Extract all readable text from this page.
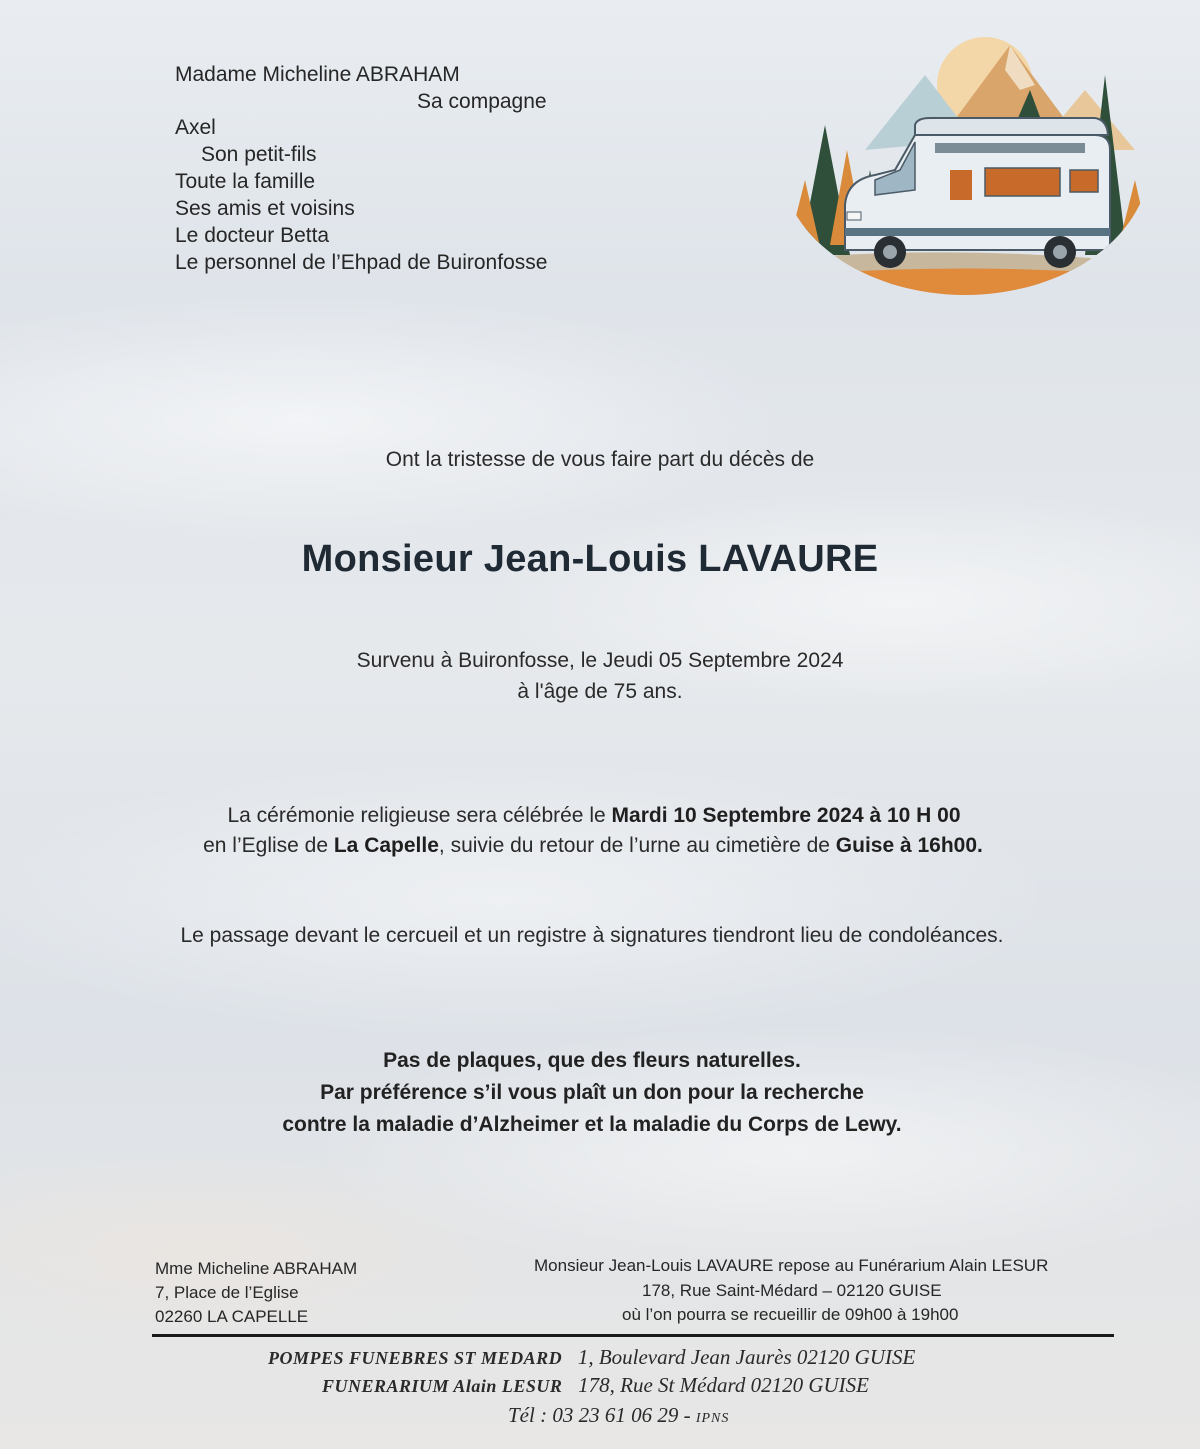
Madame Micheline ABRAHAM
Sa compagne
Axel
Son petit-fils
Toute la famille
Ses amis et voisins
Le docteur Betta
Le personnel de l’Ehpad de Buironfosse
Ont la tristesse de vous faire part du décès de
Monsieur Jean-Louis LAVAURE
Survenu à Buironfosse, le Jeudi 05 Septembre 2024
à l'âge de 75 ans.
La cérémonie religieuse sera célébrée le Mardi 10 Septembre 2024 à 10 H 00
en l’Eglise de La Capelle, suivie du retour de l’urne au cimetière de Guise à 16h00.
Le passage devant le cercueil et un registre à signatures tiendront lieu de condoléances.
Pas de plaques, que des fleurs naturelles.
Par préférence s’il vous plaît un don pour la recherche
contre la maladie d’Alzheimer et la maladie du Corps de Lewy.
Mme Micheline ABRAHAM
7, Place de l’Eglise
02260 LA CAPELLE
Monsieur Jean-Louis LAVAURE repose au Funérarium Alain LESUR
178, Rue Saint-Médard – 02120 GUISE
où l’on pourra se recueillir de 09h00 à 19h00
POMPES FUNEBRES ST MEDARD 1, Boulevard Jean Jaurès 02120 GUISE
FUNERARIUM Alain LESUR 178, Rue St Médard 02120 GUISE
Tél : 03 23 61 06 29 - IPNS
